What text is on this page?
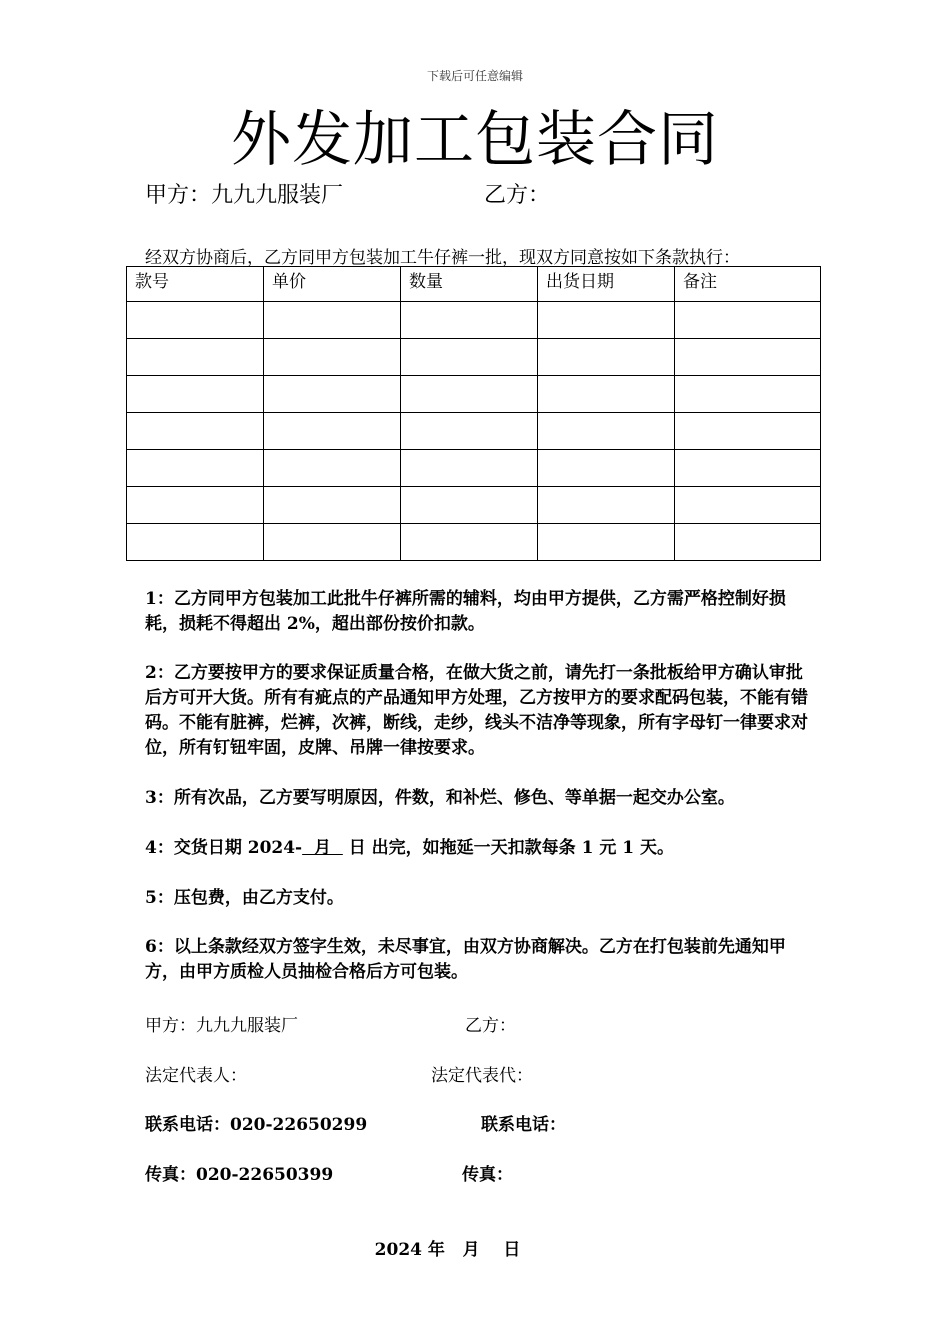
下载后可任意编辑
外发加工包装合同
甲方：九九九服装厂	乙方：
经双方协商后，乙方同甲方包装加工牛仔裤一批，现双方同意按如下条款执行：
款号	单价	数量	出货日期	备注

1：乙方同甲方包装加工此批牛仔裤所需的辅料，均由甲方提供，乙方需严格控制好损耗，损耗不得超出 2%，超出部份按价扣款。
2：乙方要按甲方的要求保证质量合格，在做大货之前，请先打一条批板给甲方确认审批后方可开大货。所有有疵点的产品通知甲方处理，乙方按甲方的要求配码包装，不能有错码。不能有脏裤，烂裤，次裤，断线，走纱，线头不洁净等现象，所有字母钉一律要求对位，所有钉钮牢固，皮牌、吊牌一律按要求。
3：所有次品，乙方要写明原因，件数，和补烂、修色、等单据一起交办公室。
4：交货日期 2024-  月   日 出完，如拖延一天扣款每条 1 元 1 天。
5：压包费，由乙方支付。
6：以上条款经双方签字生效，未尽事宜，由双方协商解决。乙方在打包装前先通知甲方，由甲方质检人员抽检合格后方可包装。
甲方：九九九服装厂	乙方：
法定代表人：	法定代表代：
联系电话：020-22650299	联系电话：
传真：020-22650399	传真：
2024 年   月    日
